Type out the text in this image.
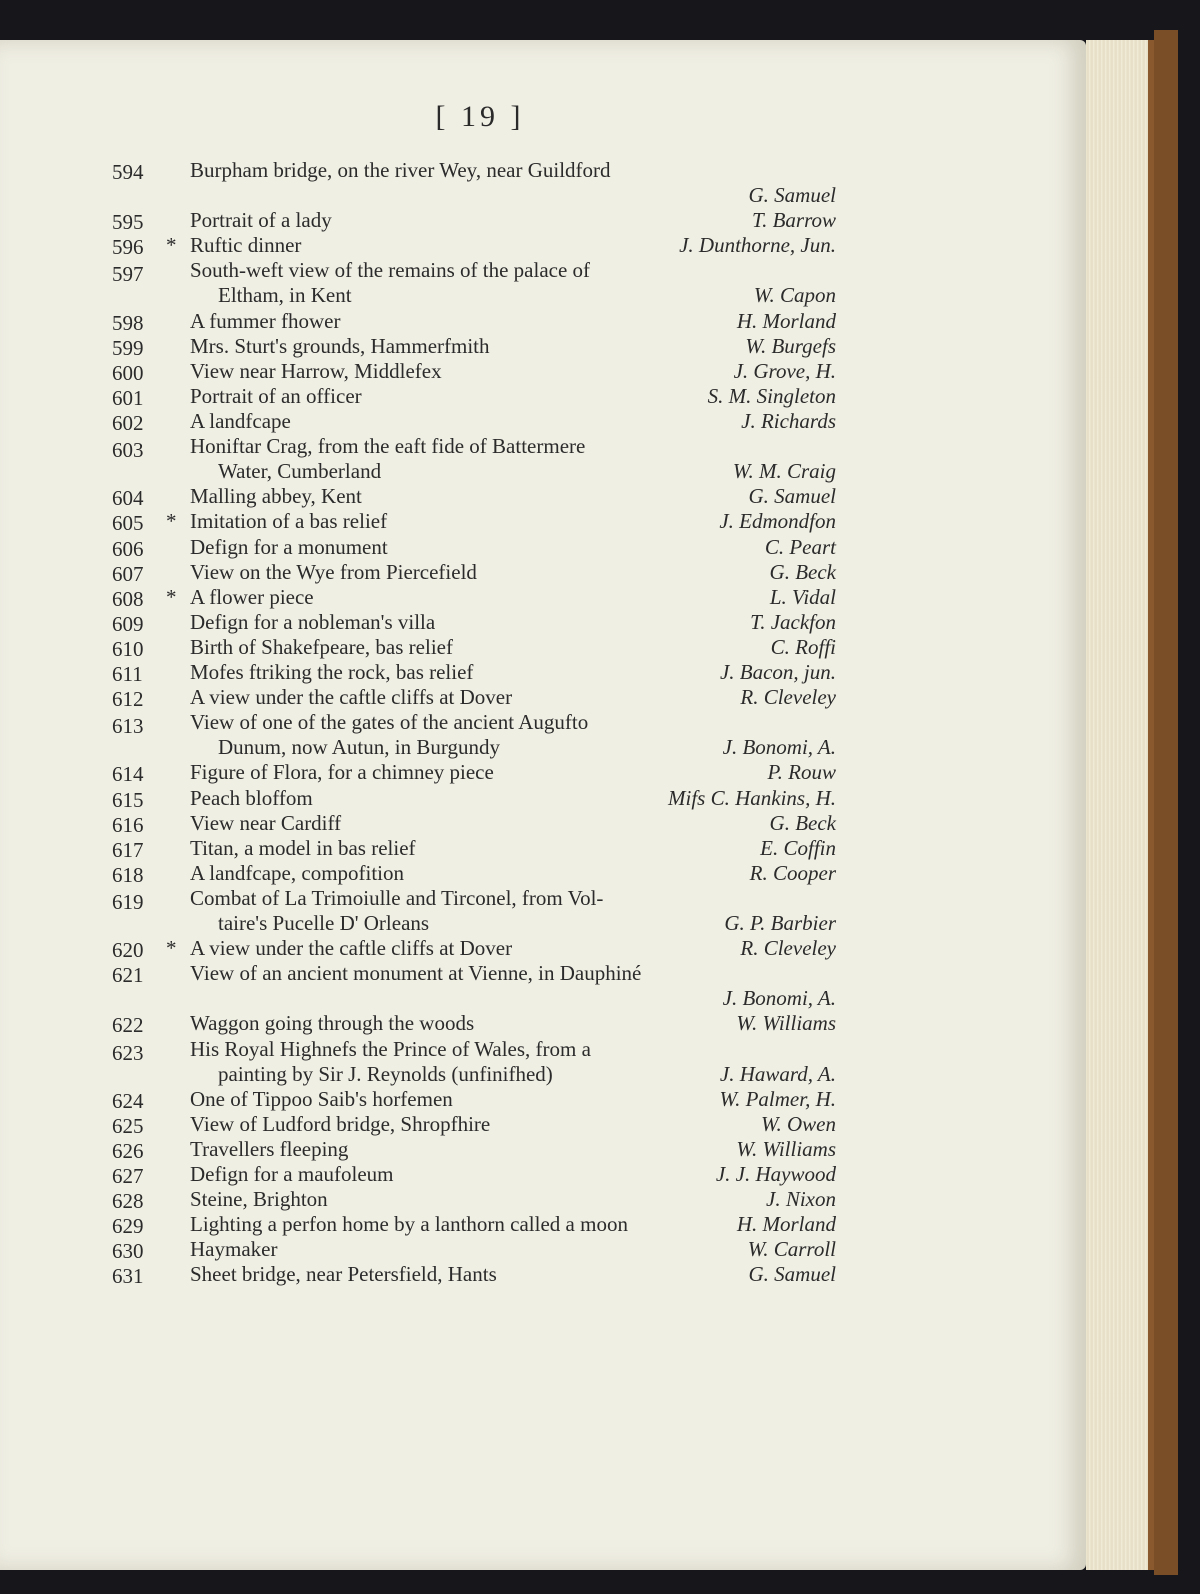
[ 19 ]
594	Burpham bridge, on the river Wey, near Guildford
G. Samuel
595	Portrait of a lady	T. Barrow
596	* Ruftic dinner	J. Dunthorne, Jun.
597	South-weft view of the remains of the palace of
Eltham, in Kent	W. Capon
598	A fummer fhower	H. Morland
599	Mrs. Sturt's grounds, Hammerfmith	W. Burgefs
600	View near Harrow, Middlefex	J. Grove, H.
601	Portrait of an officer	S. M. Singleton
602	A landfcape	J. Richards
603	Honiftar Crag, from the eaft fide of Battermere
Water, Cumberland	W. M. Craig
604	Malling abbey, Kent	G. Samuel
605	* Imitation of a bas relief	J. Edmondfon
606	Defign for a monument	C. Peart
607	View on the Wye from Piercefield	G. Beck
608	* A flower piece	L. Vidal
609	Defign for a nobleman's villa	T. Jackfon
610	Birth of Shakefpeare, bas relief	C. Roffi
611	Mofes ftriking the rock, bas relief	J. Bacon, jun.
612	A view under the caftle cliffs at Dover	R. Cleveley
613	View of one of the gates of the ancient Augufto
Dunum, now Autun, in Burgundy	J. Bonomi, A.
614	Figure of Flora, for a chimney piece	P. Rouw
615	Peach bloffom	Mifs C. Hankins, H.
616	View near Cardiff	G. Beck
617	Titan, a model in bas relief	E. Coffin
618	A landfcape, compofition	R. Cooper
619	Combat of La Trimoiulle and Tirconel, from Vol-
taire's Pucelle D' Orleans	G. P. Barbier
620	* A view under the caftle cliffs at Dover	R. Cleveley
621	View of an ancient monument at Vienne, in Dauphiné
J. Bonomi, A.
622	Waggon going through the woods	W. Williams
623	His Royal Highnefs the Prince of Wales, from a
painting by Sir J. Reynolds (unfinifhed)	J. Haward, A.
624	One of Tippoo Saib's horfemen	W. Palmer, H.
625	View of Ludford bridge, Shropfhire	W. Owen
626	Travellers fleeping	W. Williams
627	Defign for a maufoleum	J. J. Haywood
628	Steine, Brighton	J. Nixon
629	Lighting a perfon home by a lanthorn called a moon	H. Morland
630	Haymaker	W. Carroll
631	Sheet bridge, near Petersfield, Hants	G. Samuel
